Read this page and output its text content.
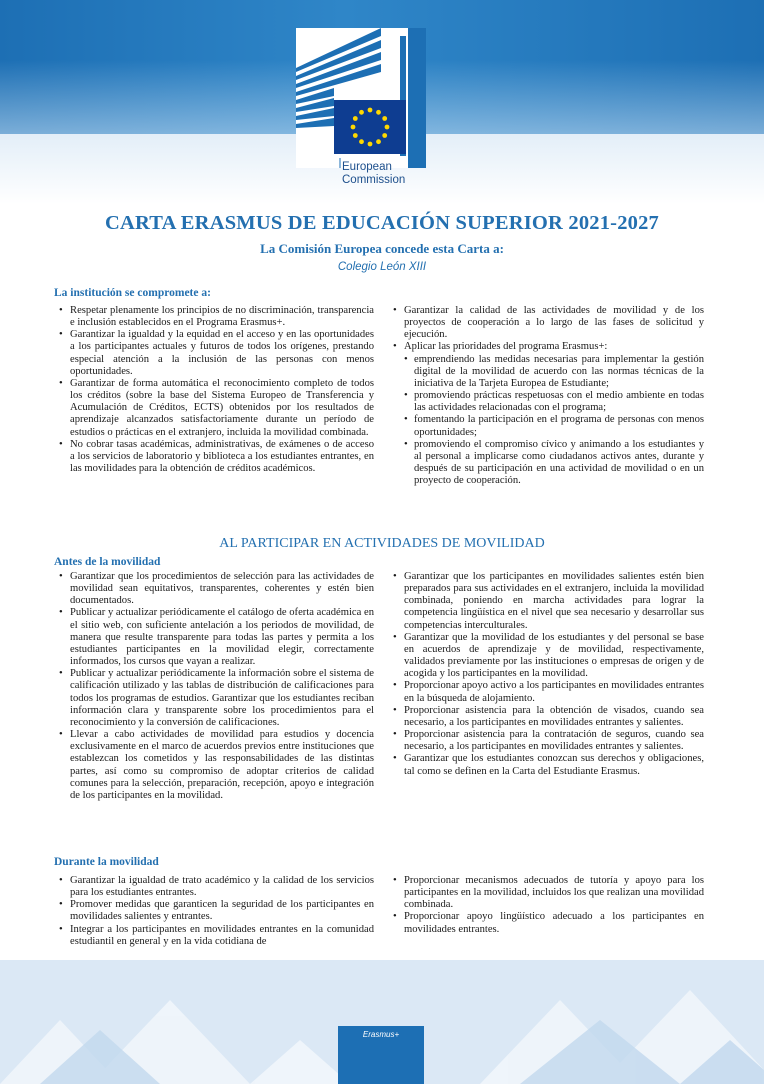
European
Commission
CARTA ERASMUS DE EDUCACIÓN SUPERIOR 2021-2027
La Comisión Europea concede esta Carta a:
Colegio León XIII
La institución se compromete a:
• Respetar plenamente los principios de no discriminación, transparencia e inclusión establecidos en el Programa Erasmus+.
• Garantizar la igualdad y la equidad en el acceso y en las oportunidades a los participantes actuales y futuros de todos los orígenes, prestando especial atención a la inclusión de las personas con menos oportunidades.
• Garantizar de forma automática el reconocimiento completo de todos los créditos (sobre la base del Sistema Europeo de Transferencia y Acumulación de Créditos, ECTS) obtenidos por los resultados de aprendizaje alcanzados satisfactoriamente durante un período de estudios o prácticas en el extranjero, incluida la movilidad combinada.
• No cobrar tasas académicas, administrativas, de exámenes o de acceso a los servicios de laboratorio y biblioteca a los estudiantes entrantes, en las movilidades para la obtención de créditos académicos.
• Garantizar la calidad de las actividades de movilidad y de los proyectos de cooperación a lo largo de las fases de solicitud y ejecución.
• Aplicar las prioridades del programa Erasmus+:
• emprendiendo las medidas necesarias para implementar la gestión digital de la movilidad de acuerdo con las normas técnicas de la iniciativa de la Tarjeta Europea de Estudiante;
• promoviendo prácticas respetuosas con el medio ambiente en todas las actividades relacionadas con el programa;
• fomentando la participación en el programa de personas con menos oportunidades;
• promoviendo el compromiso cívico y animando a los estudiantes y al personal a implicarse como ciudadanos activos antes, durante y después de su participación en una actividad de movilidad o en un proyecto de cooperación.
AL PARTICIPAR EN ACTIVIDADES DE MOVILIDAD
Antes de la movilidad
• Garantizar que los procedimientos de selección para las actividades de movilidad sean equitativos, transparentes, coherentes y estén bien documentados.
• Publicar y actualizar periódicamente el catálogo de oferta académica en el sitio web, con suficiente antelación a los periodos de movilidad, de manera que resulte transparente para todas las partes y permita a los estudiantes participantes en la movilidad elegir, correctamente informados, los cursos que vayan a realizar.
• Publicar y actualizar periódicamente la información sobre el sistema de calificación utilizado y las tablas de distribución de calificaciones para todos los programas de estudios. Garantizar que los estudiantes reciban información clara y transparente sobre los procedimientos para el reconocimiento y la conversión de calificaciones.
• Llevar a cabo actividades de movilidad para estudios y docencia exclusivamente en el marco de acuerdos previos entre instituciones que establezcan los cometidos y las responsabilidades de las distintas partes, así como su compromiso de adoptar criterios de calidad comunes para la selección, preparación, recepción, apoyo e integración de los participantes en la movilidad.
• Garantizar que los participantes en movilidades salientes estén bien preparados para sus actividades en el extranjero, incluida la movilidad combinada, poniendo en marcha actividades para lograr la competencia lingüística en el nivel que sea necesario y desarrollar sus competencias interculturales.
• Garantizar que la movilidad de los estudiantes y del personal se base en acuerdos de aprendizaje y de movilidad, respectivamente, validados previamente por las instituciones o empresas de origen y de acogida y los participantes en la movilidad.
• Proporcionar apoyo activo a los participantes en movilidades entrantes en la búsqueda de alojamiento.
• Proporcionar asistencia para la obtención de visados, cuando sea necesario, a los participantes en movilidades entrantes y salientes.
• Proporcionar asistencia para la contratación de seguros, cuando sea necesario, a los participantes en movilidades entrantes y salientes.
• Garantizar que los estudiantes conozcan sus derechos y obligaciones, tal como se definen en la Carta del Estudiante Erasmus.
Durante la movilidad
• Garantizar la igualdad de trato académico y la calidad de los servicios para los estudiantes entrantes.
• Promover medidas que garanticen la seguridad de los participantes en movilidades salientes y entrantes.
• Integrar a los participantes en movilidades entrantes en la comunidad estudiantil en general y en la vida cotidiana de
• Proporcionar mecanismos adecuados de tutoría y apoyo para los participantes en la movilidad, incluidos los que realizan una movilidad combinada.
• Proporcionar apoyo lingüístico adecuado a los participantes en movilidades entrantes.
Erasmus+
